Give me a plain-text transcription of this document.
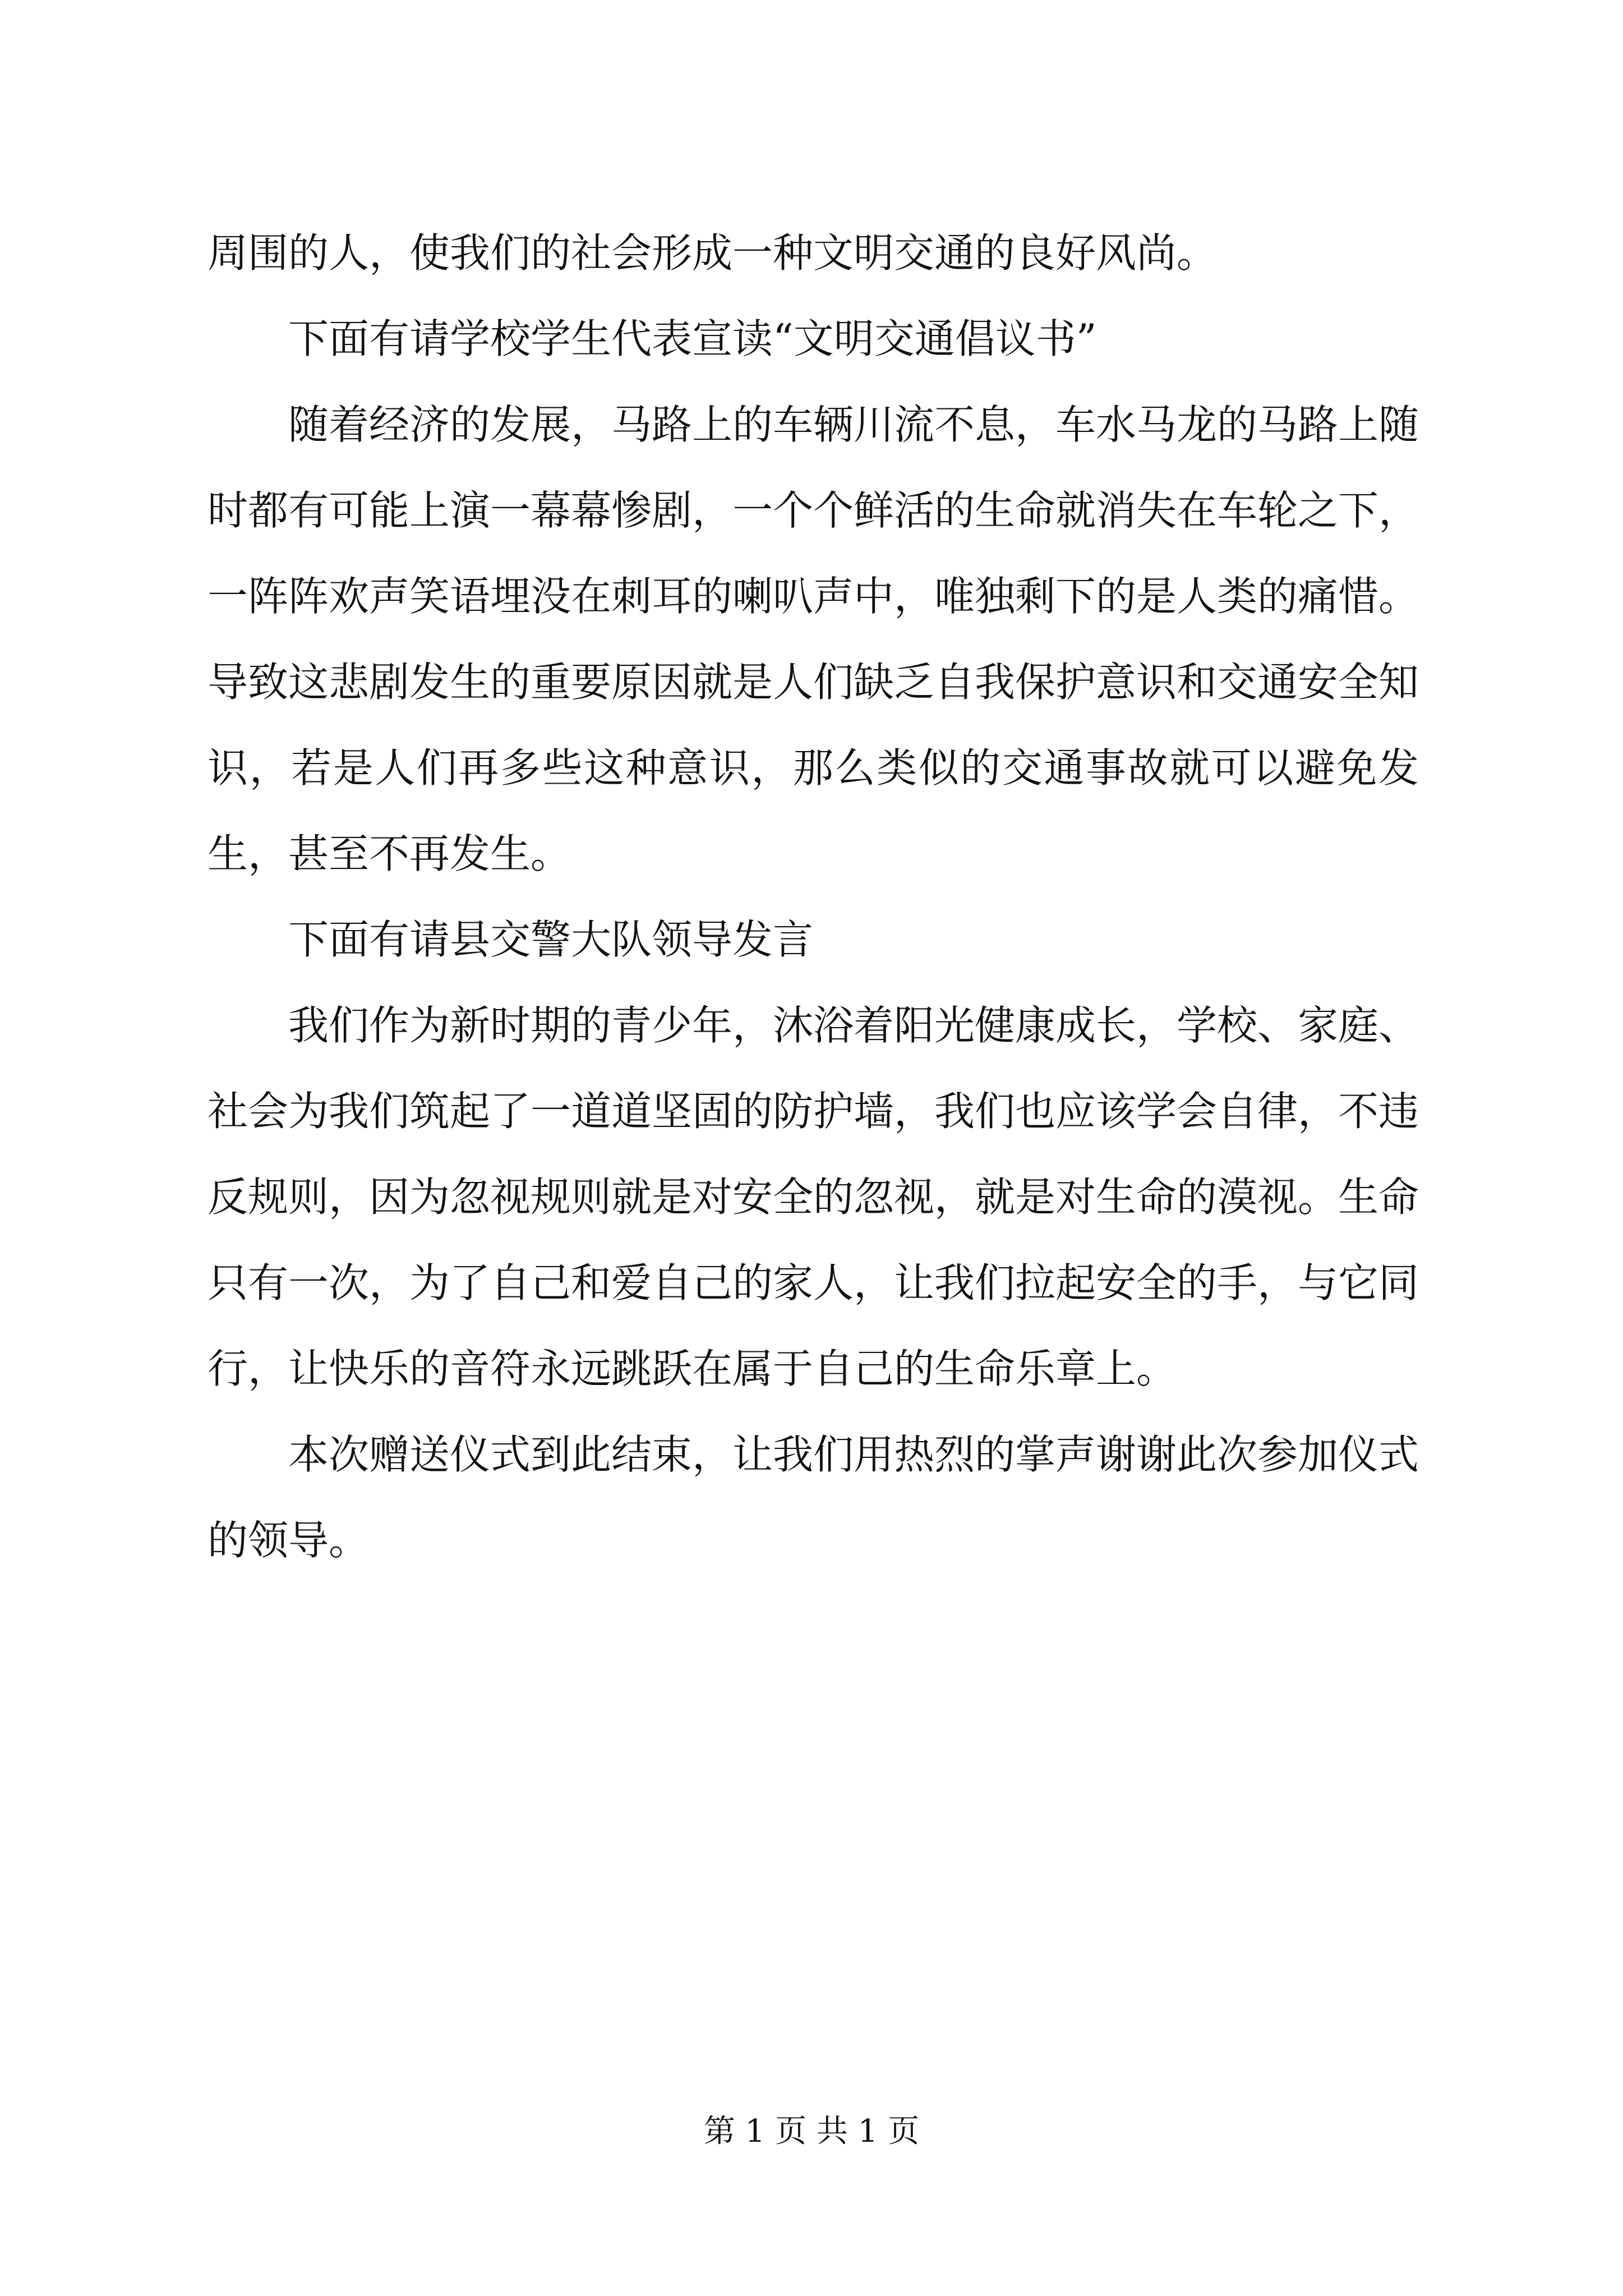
周围的人，使我们的社会形成一种文明交通的良好风尚。

下面有请学校学生代表宣读“文明交通倡议书”

随着经济的发展，马路上的车辆川流不息，车水马龙的马路上随时都有可能上演一幕幕惨剧，一个个鲜活的生命就消失在车轮之下，一阵阵欢声笑语埋没在刺耳的喇叭声中，唯独剩下的是人类的痛惜。导致这悲剧发生的重要原因就是人们缺乏自我保护意识和交通安全知识，若是人们再多些这种意识，那么类似的交通事故就可以避免发生，甚至不再发生。

下面有请县交警大队领导发言

我们作为新时期的青少年，沐浴着阳光健康成长，学校、家庭、社会为我们筑起了一道道坚固的防护墙，我们也应该学会自律，不违反规则，因为忽视规则就是对安全的忽视，就是对生命的漠视。生命只有一次，为了自己和爱自己的家人，让我们拉起安全的手，与它同行，让快乐的音符永远跳跃在属于自己的生命乐章上。

本次赠送仪式到此结束，让我们用热烈的掌声谢谢此次参加仪式的领导。

第 1 页 共 1 页
